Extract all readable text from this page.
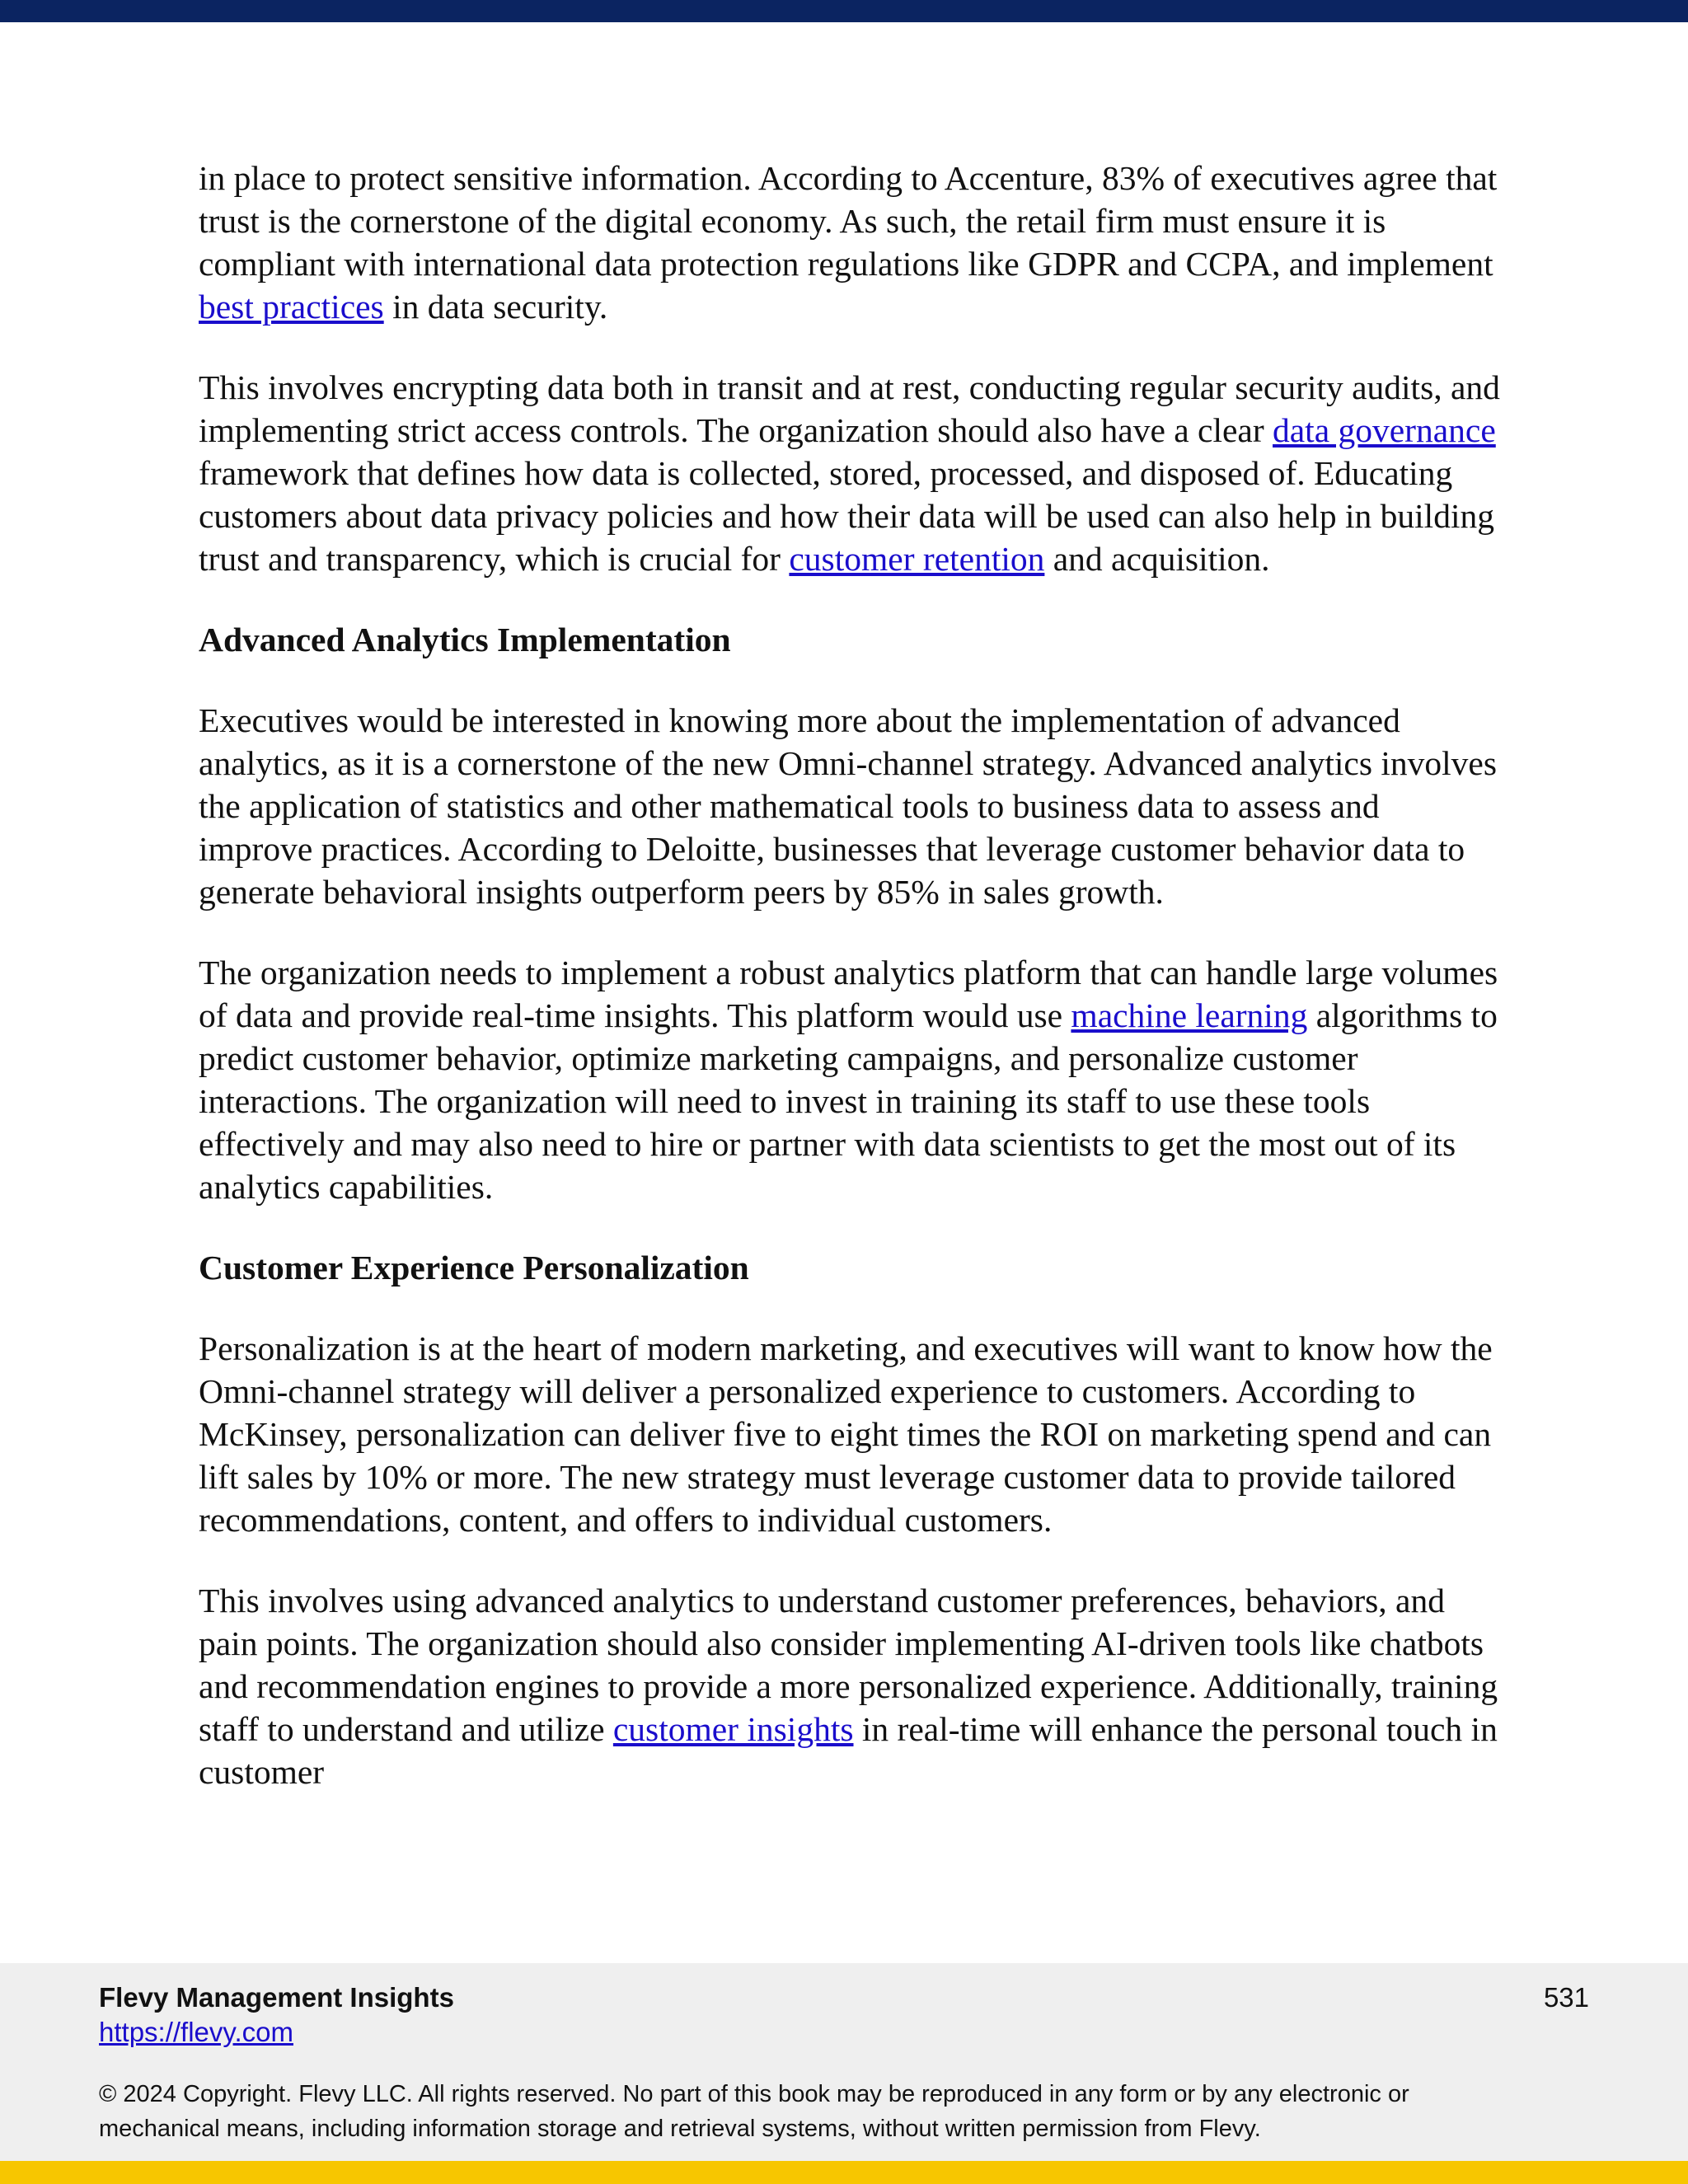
in place to protect sensitive information. According to Accenture, 83% of executives agree that trust is the cornerstone of the digital economy. As such, the retail firm must ensure it is compliant with international data protection regulations like GDPR and CCPA, and implement best practices in data security.

This involves encrypting data both in transit and at rest, conducting regular security audits, and implementing strict access controls. The organization should also have a clear data governance framework that defines how data is collected, stored, processed, and disposed of. Educating customers about data privacy policies and how their data will be used can also help in building trust and transparency, which is crucial for customer retention and acquisition.

Advanced Analytics Implementation

Executives would be interested in knowing more about the implementation of advanced analytics, as it is a cornerstone of the new Omni-channel strategy. Advanced analytics involves the application of statistics and other mathematical tools to business data to assess and improve practices. According to Deloitte, businesses that leverage customer behavior data to generate behavioral insights outperform peers by 85% in sales growth.

The organization needs to implement a robust analytics platform that can handle large volumes of data and provide real-time insights. This platform would use machine learning algorithms to predict customer behavior, optimize marketing campaigns, and personalize customer interactions. The organization will need to invest in training its staff to use these tools effectively and may also need to hire or partner with data scientists to get the most out of its analytics capabilities.

Customer Experience Personalization

Personalization is at the heart of modern marketing, and executives will want to know how the Omni-channel strategy will deliver a personalized experience to customers. According to McKinsey, personalization can deliver five to eight times the ROI on marketing spend and can lift sales by 10% or more. The new strategy must leverage customer data to provide tailored recommendations, content, and offers to individual customers.

This involves using advanced analytics to understand customer preferences, behaviors, and pain points. The organization should also consider implementing AI-driven tools like chatbots and recommendation engines to provide a more personalized experience. Additionally, training staff to understand and utilize customer insights in real-time will enhance the personal touch in customer

Flevy Management Insights
https://flevy.com
531
© 2024 Copyright. Flevy LLC. All rights reserved. No part of this book may be reproduced in any form or by any electronic or mechanical means, including information storage and retrieval systems, without written permission from Flevy.
